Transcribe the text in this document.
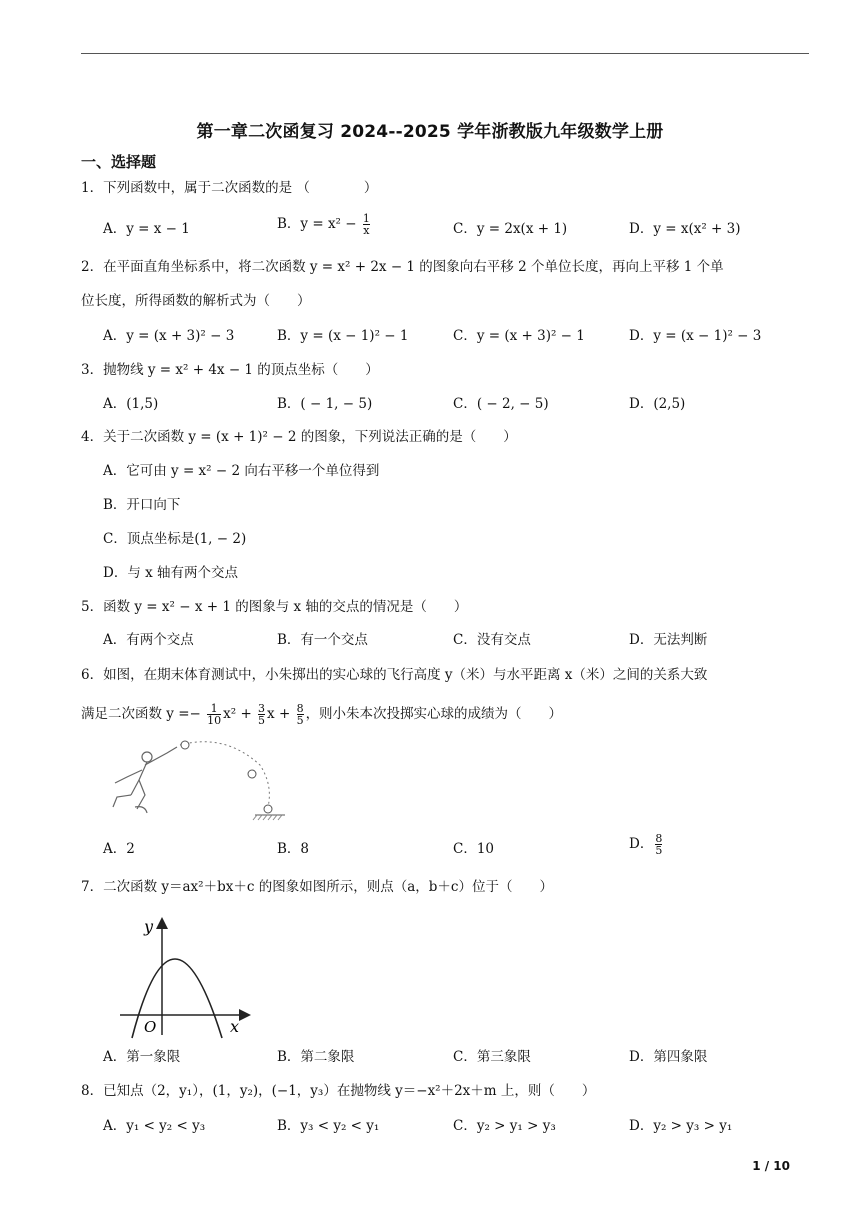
第一章二次函复习 2024--2025 学年浙教版九年级数学上册
一、选择题
1．下列函数中，属于二次函数的是 （　　　　）
A．y = x − 1	B．$y = x^2 - \frac{1}{x}$	C．y = 2x(x + 1)	D．y = x(x² + 3)
2．在平面直角坐标系中，将二次函数 y = x² + 2x − 1 的图象向右平移 2 个单位长度，再向上平移 1 个单
位长度，所得函数的解析式为（　　）
A．y = (x + 3)² − 3	B．y = (x − 1)² − 1	C．y = (x + 3)² − 1	D．y = (x − 1)² − 3
3．抛物线 y = x² + 4x − 1 的顶点坐标（　　）
A．(1,5)	B．( − 1, − 5)	C．( − 2, − 5)	D．(2,5)
4．关于二次函数 y = (x + 1)² − 2 的图象，下列说法正确的是（　　）
A．它可由 y = x² − 2 向右平移一个单位得到
B．开口向下
C．顶点坐标是(1, − 2)
D．与 x 轴有两个交点
5．函数 y = x² − x + 1 的图象与 x 轴的交点的情况是（　　）
A．有两个交点	B．有一个交点	C．没有交点	D．无法判断
6．如图，在期末体育测试中，小朱掷出的实心球的飞行高度 y（米）与水平距离 x（米）之间的关系大致
满足二次函数 $y =- \frac{1}{10} x^2 + \frac{3}{5}$ $x + \frac{8}{5}$ ，则小朱本次投掷实心球的成绩为（　　）
A．2	B．8	C．10	D． $\frac{8}{5}$
7．二次函数 y＝ax²＋bx＋c 的图象如图所示，则点（a，b＋c）位于（　　）
y
x
O
A．第一象限	B．第二象限	C．第三象限	D．第四象限
8．已知点（2，y₁），(1，y₂)，(−1，y₃）在抛物线 y＝−x²＋2x＋m 上，则（　　）
A．y₁ < y₂ < y₃	B．y₃ < y₂ < y₁	C．y₂ > y₁ > y₃	D．y₂ > y₃ > y₁
1 / 10
